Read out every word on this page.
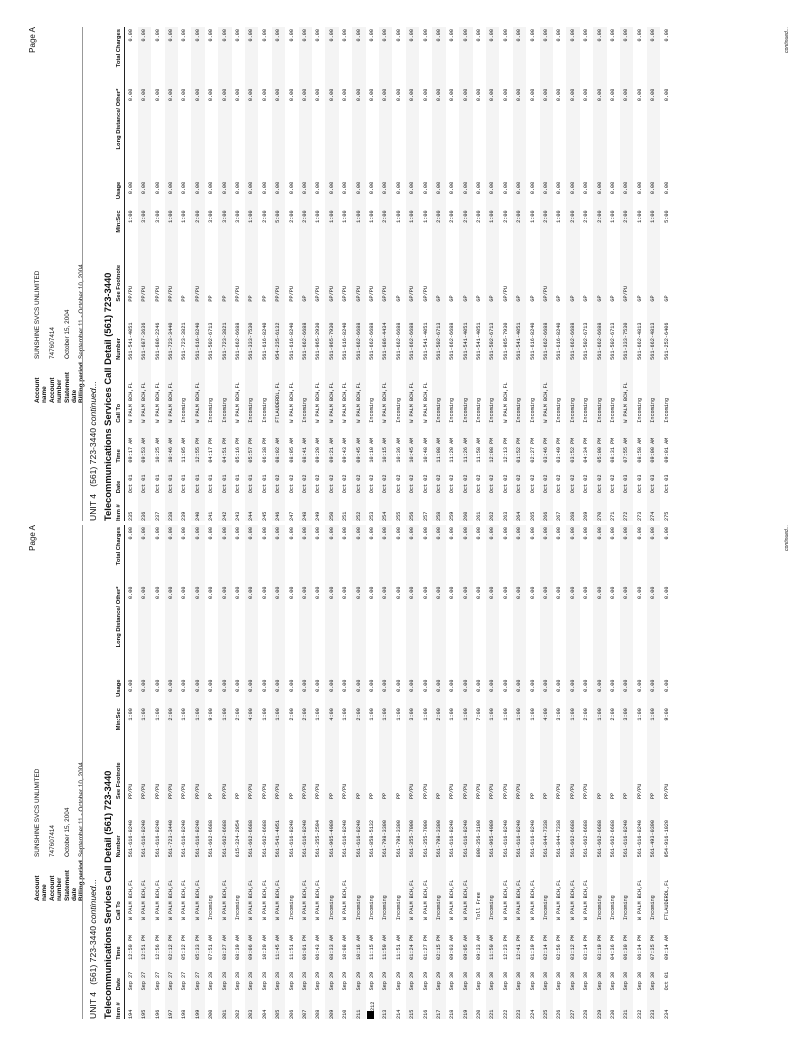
Page A
Account name
SUNSHINE SVCS UNLIMITED
Account number
747607414
Statement date
October 15, 2004
Billing period
September 11 - October 10, 2004
UNIT 4   (561) 723-3440 continued... Telecommunications Services Call Detail (561) 723-3440 Item #	Date	Time	Call To	Number	See Footnote	Min:Sec	Usage	Long Distance/ Other*	Total Charges
194	Sep 27	12:50 PM	W PALM BCH,FL	561-616-8240	PP/PU	1:00	0.00	0.00	0.00
195	Sep 27	12:51 PM	W PALM BCH,FL	561-616-8240	PP/PU	1:00	0.00	0.00	0.00
196	Sep 27	12:56 PM	W PALM BCH,FL	561-616-8240	PP/PU	1:00	0.00	0.00	0.00
197	Sep 27	02:12 PM	W PALM BCH,FL	561-723-3440	PP/PU	2:00	0.00	0.00	0.00
198	Sep 27	05:32 PM	W PALM BCH,FL	561-616-8240	PP/PU	1:00	0.00	0.00	0.00
199	Sep 27	05:33 PM	W PALM BCH,FL	561-616-8240	PP/PU	1:00	0.00	0.00	0.00
200	Sep 28	07:51 AM	Incoming	561-662-6688	PP	9:00	0.00	0.00	0.00
201	Sep 28	08:27 AM	W PALM BCH,FL	561-662-6688	PP/PU	1:00	0.00	0.00	0.00
202	Sep 28	08:39 AM	Incoming	615-324-2054	PP	2:00	0.00	0.00	0.00
203	Sep 28	09:06 AM	W PALM BCH,FL	561-662-6688	PP/PU	4:00	0.00	0.00	0.00
204	Sep 28	10:20 AM	W PALM BCH,FL	561-662-6688	PP/PU	1:00	0.00	0.00	0.00
205	Sep 28	11:45 AM	W PALM BCH,FL	561-541-4051	PP/PU	1:00	0.00	0.00	0.00
206	Sep 28	11:51 AM	Incoming	561-616-8240	PP	2:00	0.00	0.00	0.00
207	Sep 28	06:01 PM	W PALM BCH,FL	561-616-8240	PP/PU	2:00	0.00	0.00	0.00
208	Sep 29	06:43 AM	W PALM BCH,FL	561-355-2594	PP/PU	1:00	0.00	0.00	0.00
209	Sep 29	08:33 AM	Incoming	561-965-4989	PP	4:00	0.00	0.00	0.00
210	Sep 29	10:08 AM	W PALM BCH,FL	561-616-8240	PP/PU	1:00	0.00	0.00	0.00
211	Sep 29	10:16 AM	Incoming	561-616-8240	PP	2:00	0.00	0.00	0.00
212	Sep 29	11:15 AM	Incoming	561-858-5132	PP	1:00	0.00	0.00	0.00
213	Sep 29	11:50 AM	Incoming	561-798-3300	PP	1:00	0.00	0.00	0.00
214	Sep 29	11:51 AM	Incoming	561-798-3300	PP	1:00	0.00	0.00	0.00
215	Sep 29	01:24 PM	W PALM BCH,FL	561-355-7000	PP/PU	3:00	0.00	0.00	0.00
216	Sep 29	01:27 PM	W PALM BCH,FL	561-355-7000	PP/PU	1:00	0.00	0.00	0.00
217	Sep 29	02:15 PM	Incoming	561-798-3300	PP	2:00	0.00	0.00	0.00
218	Sep 30	09:03 AM	W PALM BCH,FL	561-616-8240	PP/PU	1:00	0.00	0.00	0.00
219	Sep 30	09:05 AM	W PALM BCH,FL	561-616-8240	PP/PU	1:00	0.00	0.00	0.00
220	Sep 30	09:33 AM	Toll Free	800-356-3100	PP/PU	7:00	0.00	0.00	0.00
221	Sep 30	11:50 AM	Incoming	561-965-4989	PP/PU	1:00	0.00	0.00	0.00
222	Sep 30	12:23 PM	W PALM BCH,FL	561-616-8240	PP/PU	1:00	0.00	0.00	0.00
223	Sep 30	12:41 PM	W PALM BCH,FL	561-616-8240	PP/PU	1:00	0.00	0.00	0.00
224	Sep 30	01:39 PM	W PALM BCH,FL	561-616-8240	PP	1:00	0.00	0.00	0.00
225	Sep 30	02:14 PM	Incoming	561-844-7338	PP	4:00	0.00	0.00	0.00
226	Sep 30	02:56 PM	W PALM BCH,FL	561-844-7338	PP/PU	3:00	0.00	0.00	0.00
227	Sep 30	03:12 PM	W PALM BCH,FL	561-662-6688	PP/PU	1:00	0.00	0.00	0.00
228	Sep 30	03:14 PM	W PALM BCH,FL	561-662-6688	PP/PU	2:00	0.00	0.00	0.00
229	Sep 30	03:19 PM	Incoming	561-662-6688	PP	1:00	0.00	0.00	0.00
230	Sep 30	04:36 PM	Incoming	561-662-6688	PP	2:00	0.00	0.00	0.00
231	Sep 30	06:30 PM	Incoming	561-616-8240	PP	3:00	0.00	0.00	0.00
232	Sep 30	06:34 PM	W PALM BCH,FL	561-616-8240	PP/PU	1:00	0.00	0.00	0.00
233	Sep 30	07:35 PM	Incoming	561-493-0390	PP	1:00	0.00	0.00	0.00
234	Oct 01	09:14 AM	FTLAUDERDL,FL	954-916-1020	PP/PU	9:00	0.00	0.00	0.00	continued...
Page A
Account name
SUNSHINE SVCS UNLIMITED
Account number
747607414
Statement date
October 15, 2004
Billing period
September 11 - October 10, 2004
UNIT 4   (561) 723-3440 continued... Telecommunications Services Call Detail (561) 723-3440 Item #	Date	Time	Call To	Number	See Footnote	Min:Sec	Usage	Long Distance/ Other*	Total Charges
235	Oct 01	09:17 AM	W PALM BCH,FL	561-541-4051	PP/PU	1:00	0.00	0.00	0.00
236	Oct 01	09:53 AM	W PALM BCH,FL	561-687-3636	PP/PU	3:00	0.00	0.00	0.00
237	Oct 01	10:25 AM	W PALM BCH,FL	561-686-2246	PP/PU	3:00	0.00	0.00	0.00
238	Oct 01	10:46 AM	W PALM BCH,FL	561-723-3440	PP/PU	1:00	0.00	0.00	0.00
239	Oct 01	11:05 AM	Incoming	561-723-3821	PP	1:00	0.00	0.00	0.00
240	Oct 01	12:55 PM	W PALM BCH,FL	561-616-8240	PP/PU	2:00	0.00	0.00	0.00
241	Oct 01	04:17 PM	Incoming	561-502-6713	PP	3:00	0.00	0.00	0.00
242	Oct 01	04:51 PM	Incoming	561-723-3821	PP	3:00	0.00	0.00	0.00
243	Oct 01	05:16 PM	W PALM BCH,FL	561-662-6688	PP/PU	3:00	0.00	0.00	0.00
244	Oct 01	05:57 PM	Incoming	561-333-7530	PP	1:00	0.00	0.00	0.00
245	Oct 01	06:38 PM	Incoming	561-616-8240	PP	2:00	0.00	0.00	0.00
246	Oct 02	08:02 AM	FTLAUDERDL,FL	954-235-6132	PP/PU	5:00	0.00	0.00	0.00
247	Oct 02	08:05 AM	W PALM BCH,FL	561-616-8240	PP/PU	2:00	0.00	0.00	0.00
248	Oct 02	08:41 AM	Incoming	561-662-6688	GP	2:00	0.00	0.00	0.00
249	Oct 02	09:20 AM	W PALM BCH,FL	561-965-2930	GP/PU	1:00	0.00	0.00	0.00
250	Oct 02	09:21 AM	W PALM BCH,FL	561-965-7930	GP/PU	1:00	0.00	0.00	0.00
251	Oct 02	09:43 AM	W PALM BCH,FL	561-616-8240	GP/PU	1:00	0.00	0.00	0.00
252	Oct 02	09:45 AM	W PALM BCH,FL	561-662-6688	GP/PU	1:00	0.00	0.00	0.00
253	Oct 02	10:10 AM	Incoming	561-662-6688	GP/PU	1:00	0.00	0.00	0.00
254	Oct 02	10:15 AM	W PALM BCH,FL	561-686-4434	GP/PU	2:00	0.00	0.00	0.00
255	Oct 02	10:36 AM	Incoming	561-662-6688	GP	1:00	0.00	0.00	0.00
256	Oct 02	10:45 AM	W PALM BCH,FL	561-662-6688	GP/PU	1:00	0.00	0.00	0.00
257	Oct 02	10:48 AM	W PALM BCH,FL	561-541-4051	GP/PU	1:00	0.00	0.00	0.00
258	Oct 02	11:08 AM	Incoming	561-502-6713	GP	2:00	0.00	0.00	0.00
259	Oct 02	11:20 AM	Incoming	561-662-6688	GP	2:00	0.00	0.00	0.00
260	Oct 02	11:26 AM	Incoming	561-541-4051	GP	2:00	0.00	0.00	0.00
261	Oct 02	11:58 AM	Incoming	561-541-4051	GP	2:00	0.00	0.00	0.00
262	Oct 02	12:08 PM	Incoming	561-502-6713	GP	1:00	0.00	0.00	0.00
263	Oct 02	12:13 PM	W PALM BCH,FL	561-965-7930	GP/PU	2:00	0.00	0.00	0.00
264	Oct 02	01:52 PM	Incoming	561-541-4051	GP	2:00	0.00	0.00	0.00
265	Oct 02	02:27 PM	Incoming	561-616-8240	GP	1:00	0.00	0.00	0.00
266	Oct 02	03:46 PM	W PALM BCH,FL	561-662-6688	GP/PU	2:00	0.00	0.00	0.00
267	Oct 02	03:49 PM	Incoming	561-616-8240	GP	1:00	0.00	0.00	0.00
268	Oct 02	03:52 PM	Incoming	561-662-6688	GP	2:00	0.00	0.00	0.00
269	Oct 02	04:34 PM	Incoming	561-502-6713	GP	2:00	0.00	0.00	0.00
270	Oct 02	05:00 PM	Incoming	561-662-6688	GP	2:00	0.00	0.00	0.00
271	Oct 02	08:31 PM	Incoming	561-502-6713	GP	1:00	0.00	0.00	0.00
272	Oct 03	07:55 AM	W PALM BCH,FL	561-333-7530	GP/PU	2:00	0.00	0.00	0.00
273	Oct 03	08:58 AM	Incoming	561-662-4813	GP	1:00	0.00	0.00	0.00
274	Oct 03	09:00 AM	Incoming	561-662-4813	GP	1:00	0.00	0.00	0.00
275	Oct 03	09:01 AM	Incoming	561-252-6406	GP	5:00	0.00	0.00	0.00	continued...
